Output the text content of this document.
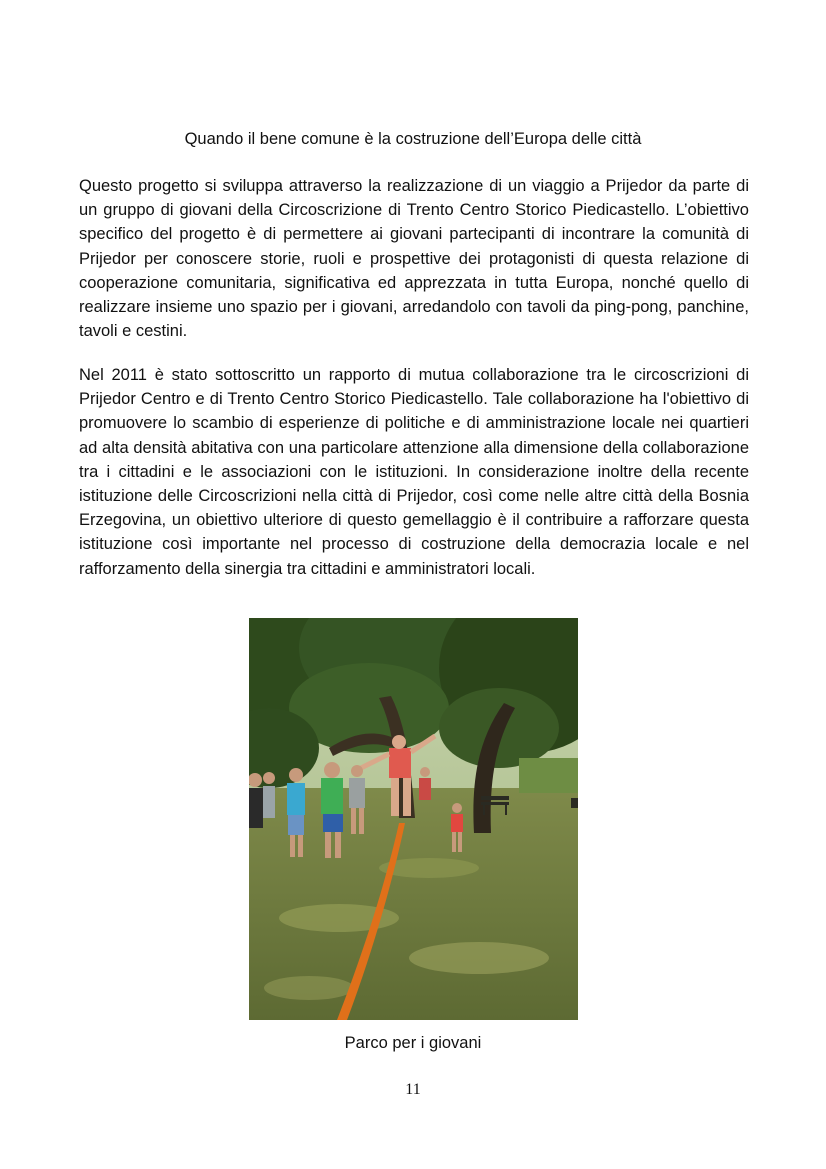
Quando il bene comune è la costruzione dell’Europa delle città

Questo progetto si sviluppa attraverso la realizzazione di un viaggio a Prijedor da parte di un gruppo di giovani della Circoscrizione di Trento Centro Storico Piedicastello. L’obiettivo specifico del progetto è di permettere ai giovani partecipanti di incontrare la comunità di Prijedor per conoscere storie, ruoli e prospettive dei protagonisti di questa relazione di cooperazione comunitaria, significativa ed apprezzata in tutta Europa, nonché quello di realizzare insieme uno spazio per i giovani, arredandolo con tavoli da ping-pong, panchine, tavoli e cestini.

Nel 2011 è stato sottoscritto un rapporto di mutua collaborazione tra le circoscrizioni di Prijedor Centro e di Trento Centro Storico Piedicastello. Tale collaborazione ha l'obiettivo di promuovere lo scambio di esperienze di politiche e di amministrazione locale nei quartieri ad alta densità abitativa con una particolare attenzione alla dimensione della collaborazione tra i cittadini e le associazioni con le istituzioni. In considerazione inoltre della recente istituzione delle Circoscrizioni nella città di Prijedor, così come nelle altre città della Bosnia Erzegovina, un obiettivo ulteriore di questo gemellaggio è il contribuire a rafforzare questa istituzione così importante nel processo di costruzione della democrazia locale e nel rafforzamento della sinergia tra cittadini e amministratori locali.

Parco per i giovani
11
